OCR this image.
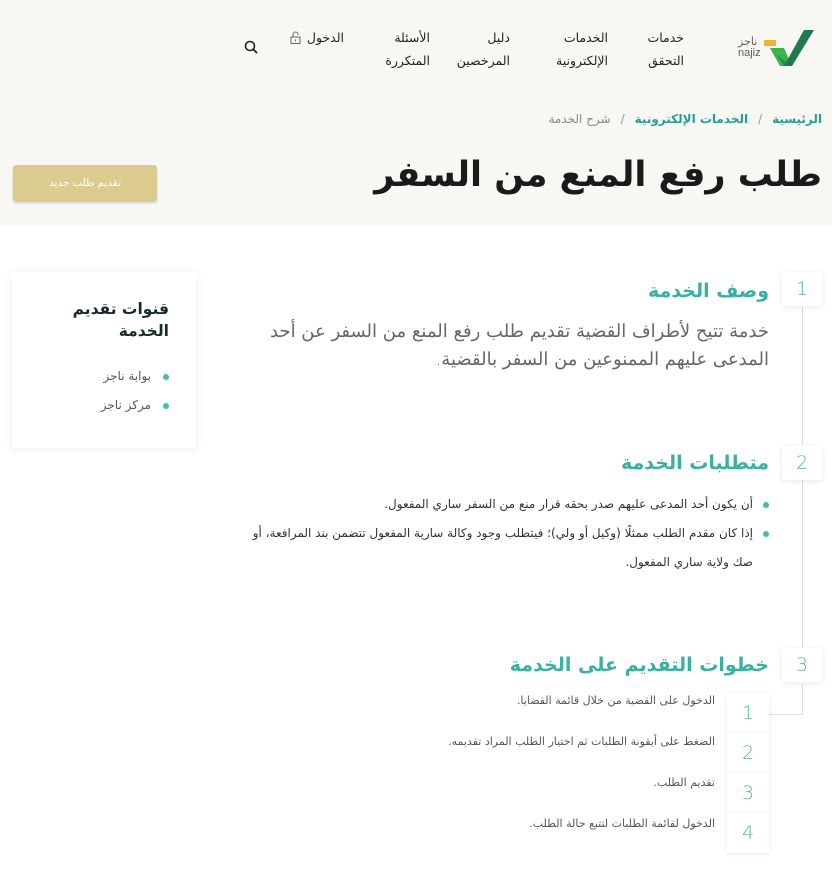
ناجز
najiz
خدمات
التحقق
الخدمات
الإلكترونية
دليل
المرخصين
الأسئلة
المتكررة
الدخول
الرئيسية
/
الخدمات الإلكترونية
/
شرح الخدمة
طلب رفع المنع من السفر
تقديم طلب جديد
قنوات تقديم الخدمة
بوابة ناجز
مركز ناجز
1
وصف الخدمة

خدمة تتيح لأطراف القضية تقديم طلب رفع المنع من السفر عن أحد المدعى عليهم الممنوعين من السفر بالقضية.

2
متطلبات الخدمة
أن يكون أحد المدعى عليهم صدر بحقه قرار منع من السفر ساري المفعول.
إذا كان مقدم الطلب ممثلًا (وكيل أو ولي)؛ فيتطلب وجود وكالة سارية المفعول تتضمن بند المرافعة، أو صك ولاية ساري المفعول.
3
خطوات التقديم على الخدمة
1
الدخول على القضية من خلال قائمة القضايا.
2
الضغط على أيقونة الطلبات ثم اختيار الطلب المراد تقديمه.
3
تقديم الطلب.
4
الدخول لقائمة الطلبات لتتبع حالة الطلب.
